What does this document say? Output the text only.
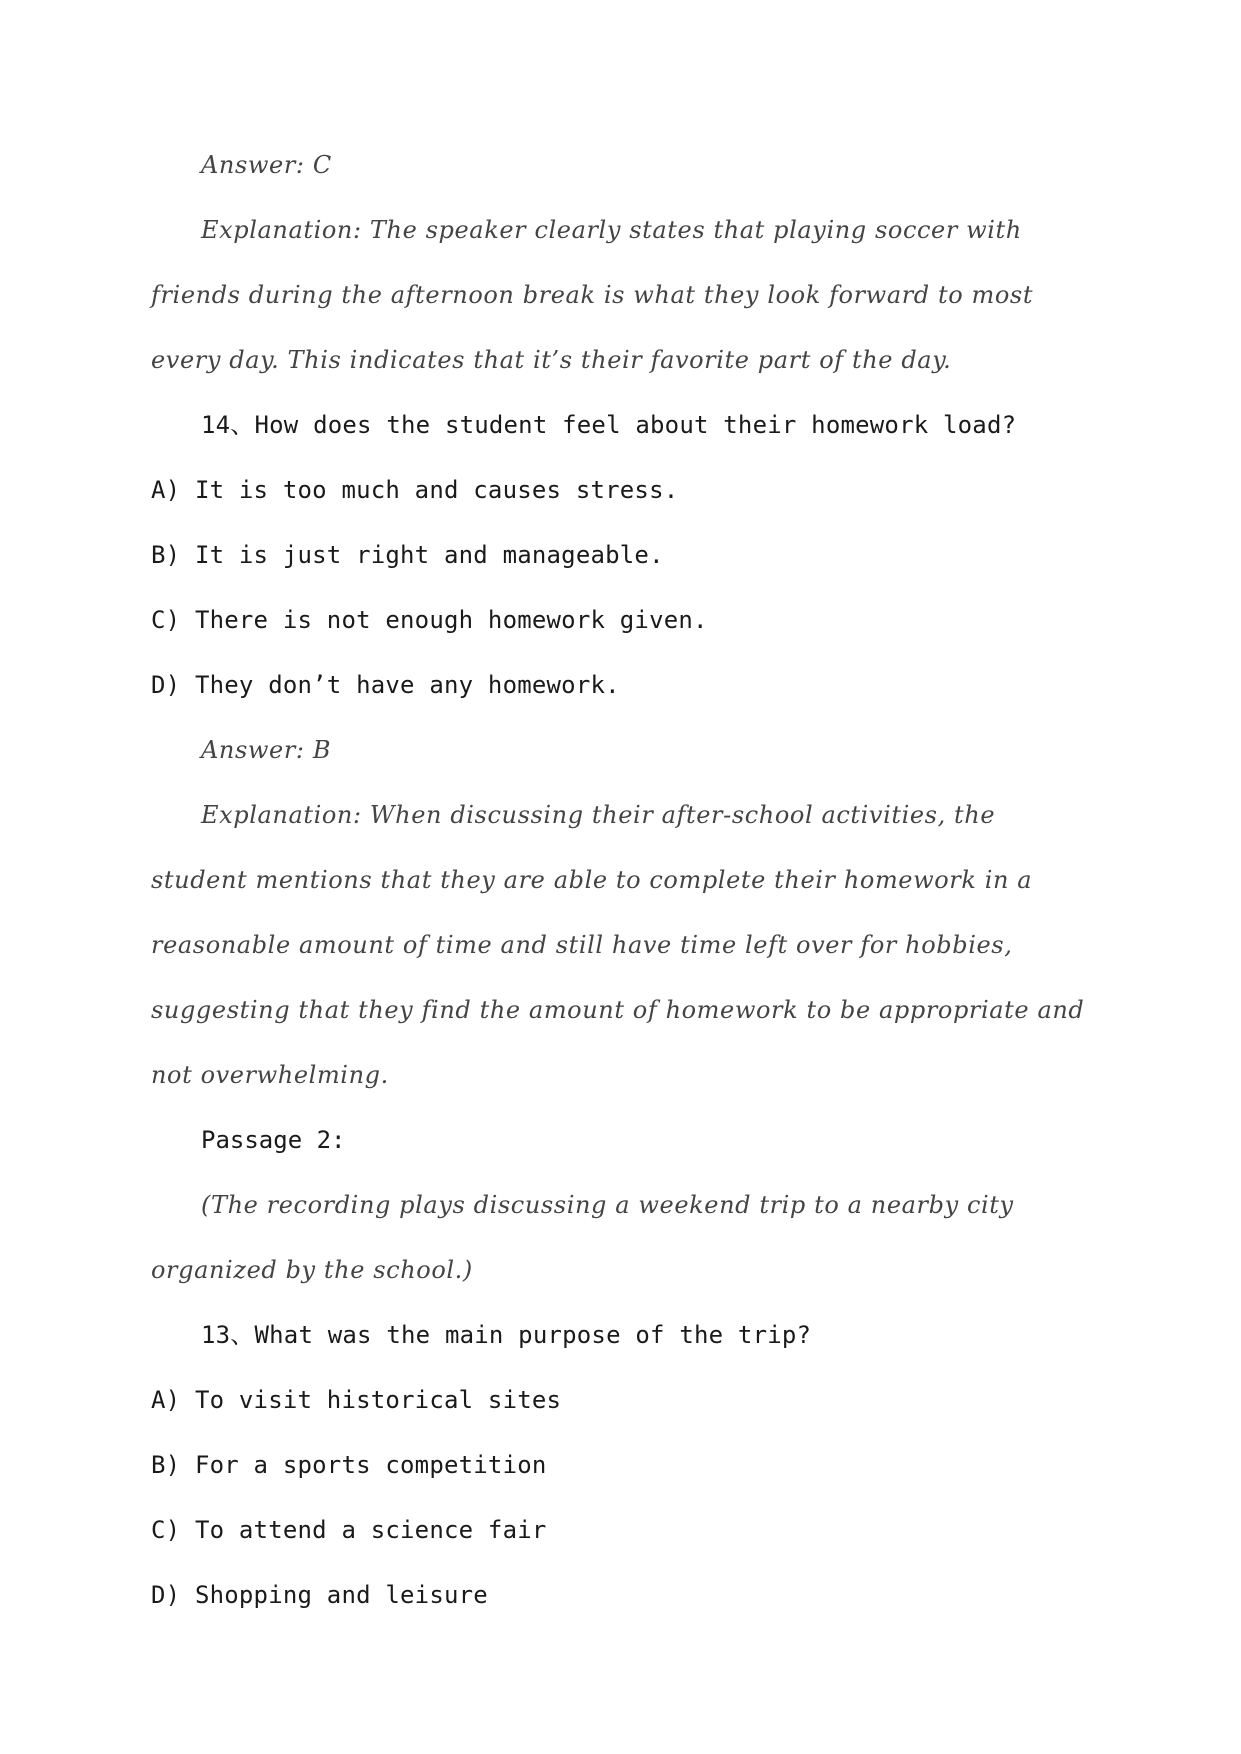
Answer: C

Explanation: The speaker clearly states that playing soccer with friends during the afternoon break is what they look forward to most every day. This indicates that it’s their favorite part of the day.

14、How does the student feel about their homework load?

A) It is too much and causes stress.

B) It is just right and manageable.

C) There is not enough homework given.

D) They don’t have any homework.

Answer: B

Explanation: When discussing their after-school activities, the student mentions that they are able to complete their homework in a reasonable amount of time and still have time left over for hobbies, suggesting that they find the amount of homework to be appropriate and not overwhelming.

Passage 2:

(The recording plays discussing a weekend trip to a nearby city organized by the school.)

13、What was the main purpose of the trip?

A) To visit historical sites

B) For a sports competition

C) To attend a science fair

D) Shopping and leisure
